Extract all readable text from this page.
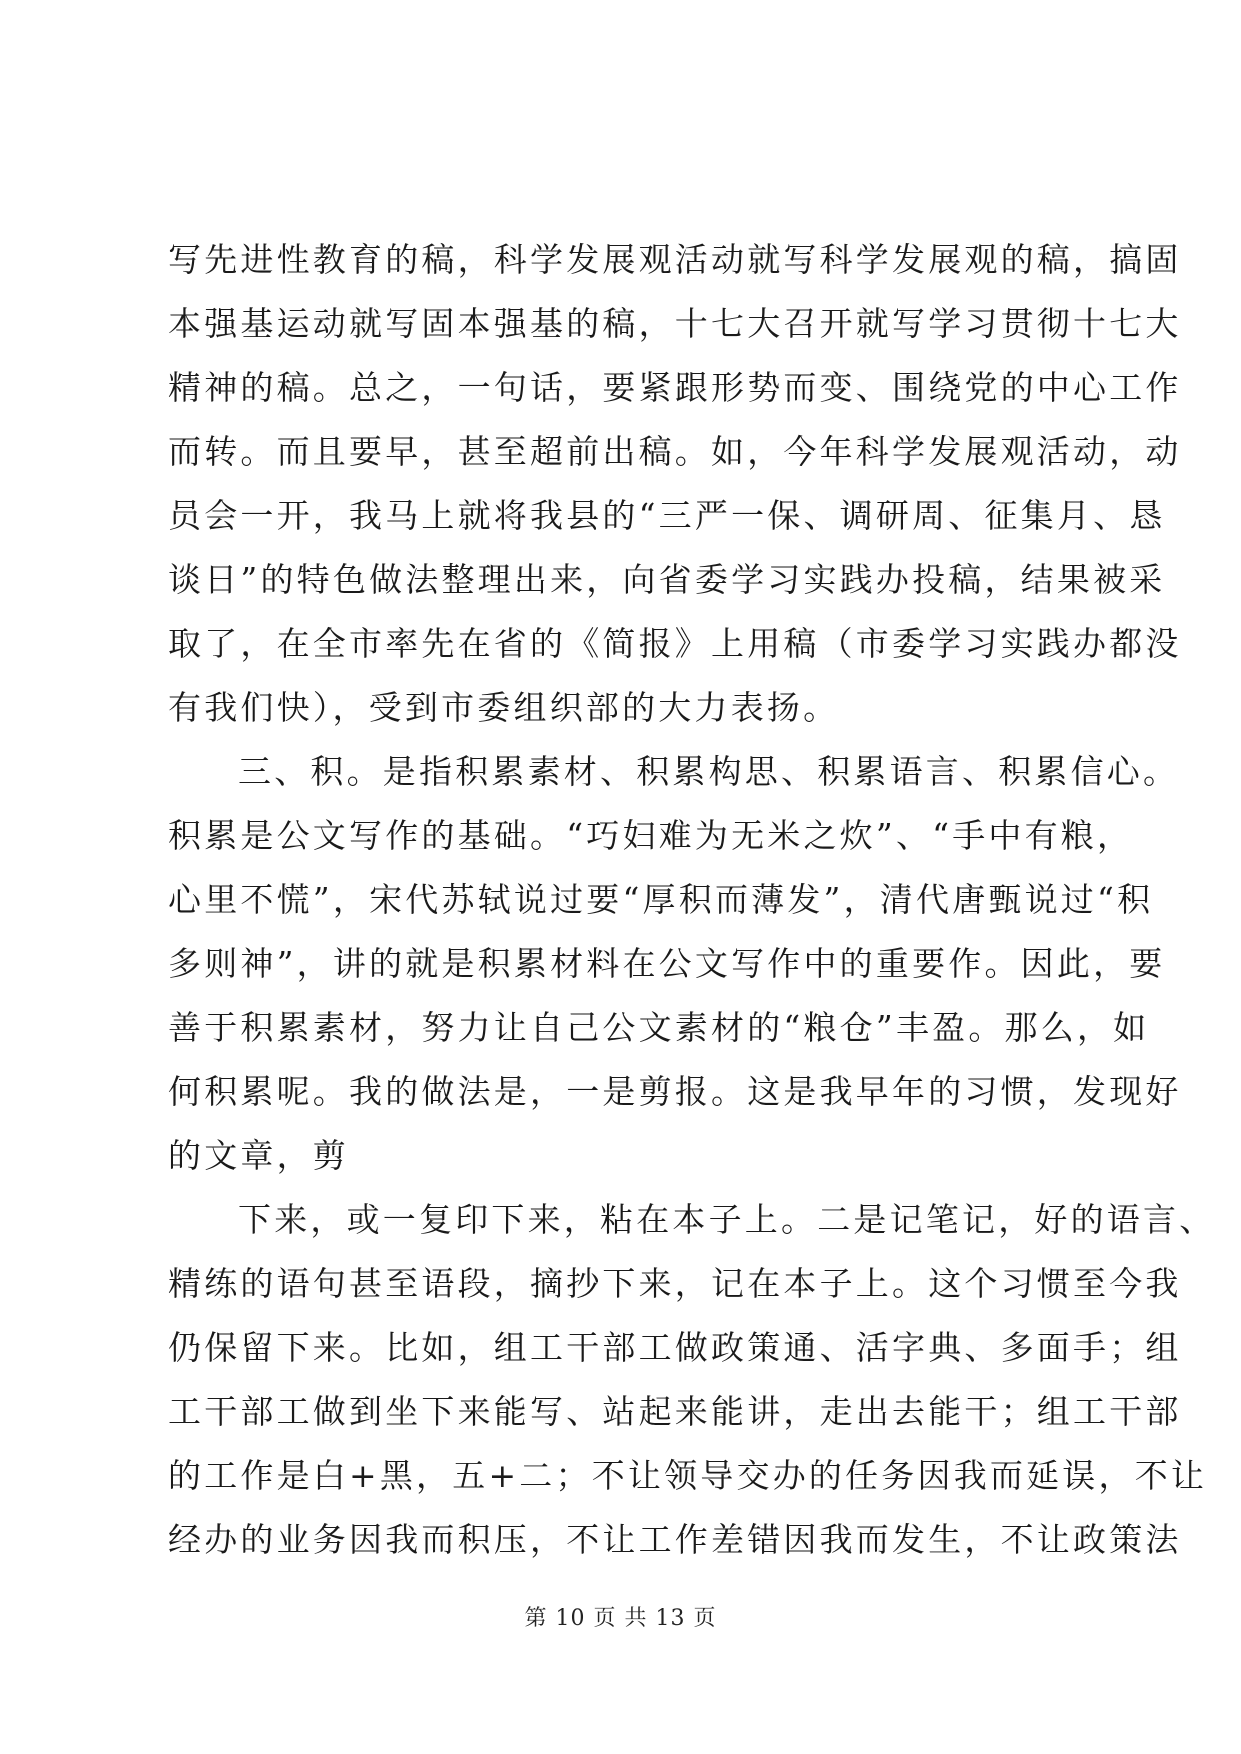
写先进性教育的稿，科学发展观活动就写科学发展观的稿，搞固
本强基运动就写固本强基的稿，十七大召开就写学习贯彻十七大
精神的稿。总之，一句话，要紧跟形势而变、围绕党的中心工作
而转。而且要早，甚至超前出稿。如，今年科学发展观活动，动
员会一开，我马上就将我县的“三严一保、调研周、征集月、恳
谈日”的特色做法整理出来，向省委学习实践办投稿，结果被采
取了，在全市率先在省的《简报》上用稿（市委学习实践办都没
有我们快），受到市委组织部的大力表扬。
三、积。是指积累素材、积累构思、积累语言、积累信心。
积累是公文写作的基础。“巧妇难为无米之炊”、“手中有粮，
心里不慌”，宋代苏轼说过要“厚积而薄发”，清代唐甄说过“积
多则神”，讲的就是积累材料在公文写作中的重要作。因此，要
善于积累素材，努力让自己公文素材的“粮仓”丰盈。那么，如
何积累呢。我的做法是，一是剪报。这是我早年的习惯，发现好
的文章，剪
下来，或一复印下来，粘在本子上。二是记笔记，好的语言、
精练的语句甚至语段，摘抄下来，记在本子上。这个习惯至今我
仍保留下来。比如，组工干部工做政策通、活字典、多面手；组
工干部工做到坐下来能写、站起来能讲，走出去能干；组工干部
的工作是白+黑，五+二；不让领导交办的任务因我而延误，不让
经办的业务因我而积压，不让工作差错因我而发生，不让政策法
第 10 页 共 13 页
